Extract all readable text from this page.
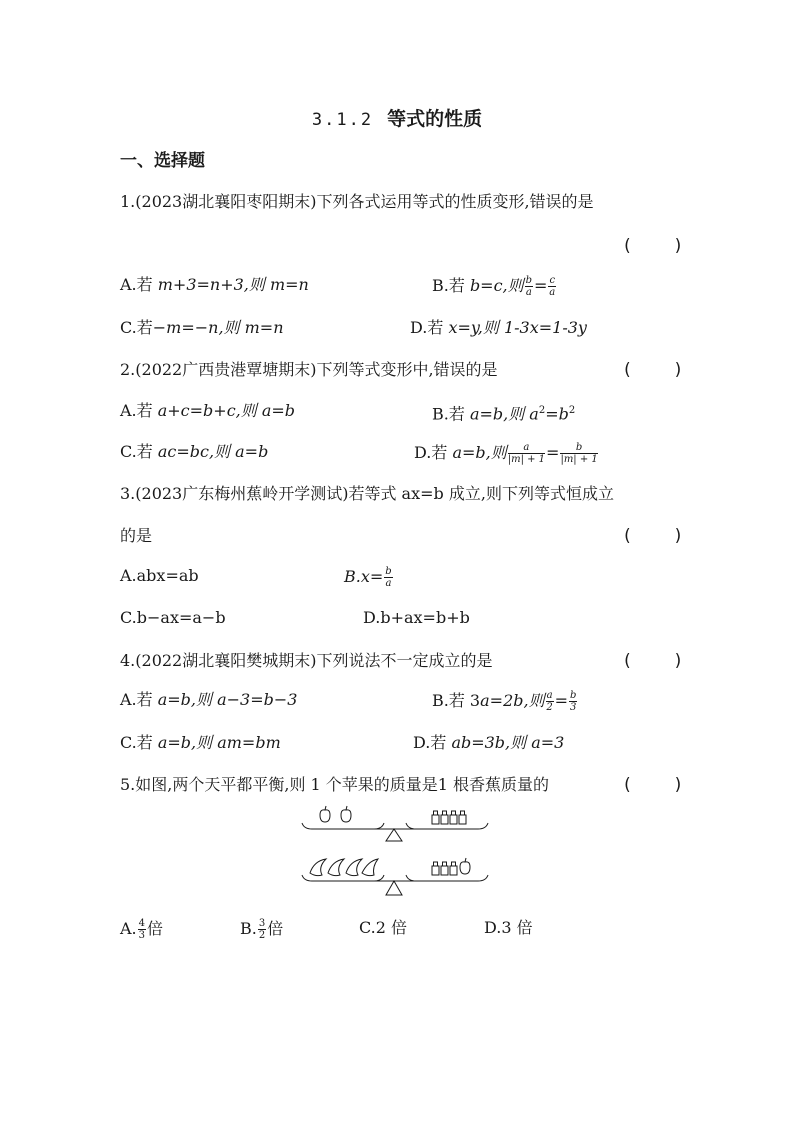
3.1.2 等式的性质
一、选择题
1.(2023湖北襄阳枣阳期末)下列各式运用等式的性质变形,错误的是
(    )
A.若 m+3=n+3,则 m=n	B.若 b=c,则 $\frac{b}{a} = \frac{c}{a}$
C.若−m=−n,则 m=n	D.若 x=y,则 1-3x=1-3y
2.(2022广西贵港覃塘期末)下列等式变形中,错误的是	(    )
A.若 a+c=b+c,则 a=b	B.若 a=b,则 $a^2=b^2$
C.若 ac=bc,则 a=b	D.若 a=b,则 $\frac{a}{|m| + 1} = \frac{b}{|m| + 1}$
3.(2023广东梅州蕉岭开学测试)若等式 ax=b 成立,则下列等式恒成立
的是	(    )
A.abx=ab	$B.x= \frac{b}{a}$
C.b−ax=a−b	D.b+ax=b+b
4.(2022湖北襄阳樊城期末)下列说法不一定成立的是	(    )
A.若 a=b,则 a−3=b−3	B.若 3a=2b,则 $\frac{a}{2} = \frac{b}{3}$
C.若 a=b,则 am=bm	D.若 ab=3b,则 a=3
5.如图,两个天平都平衡,则 1 个苹果的质量是1 根香蕉质量的	(    )
A. $\frac{4}{3}$ 倍	B. $\frac{3}{2}$ 倍	C.2 倍	D.3 倍
